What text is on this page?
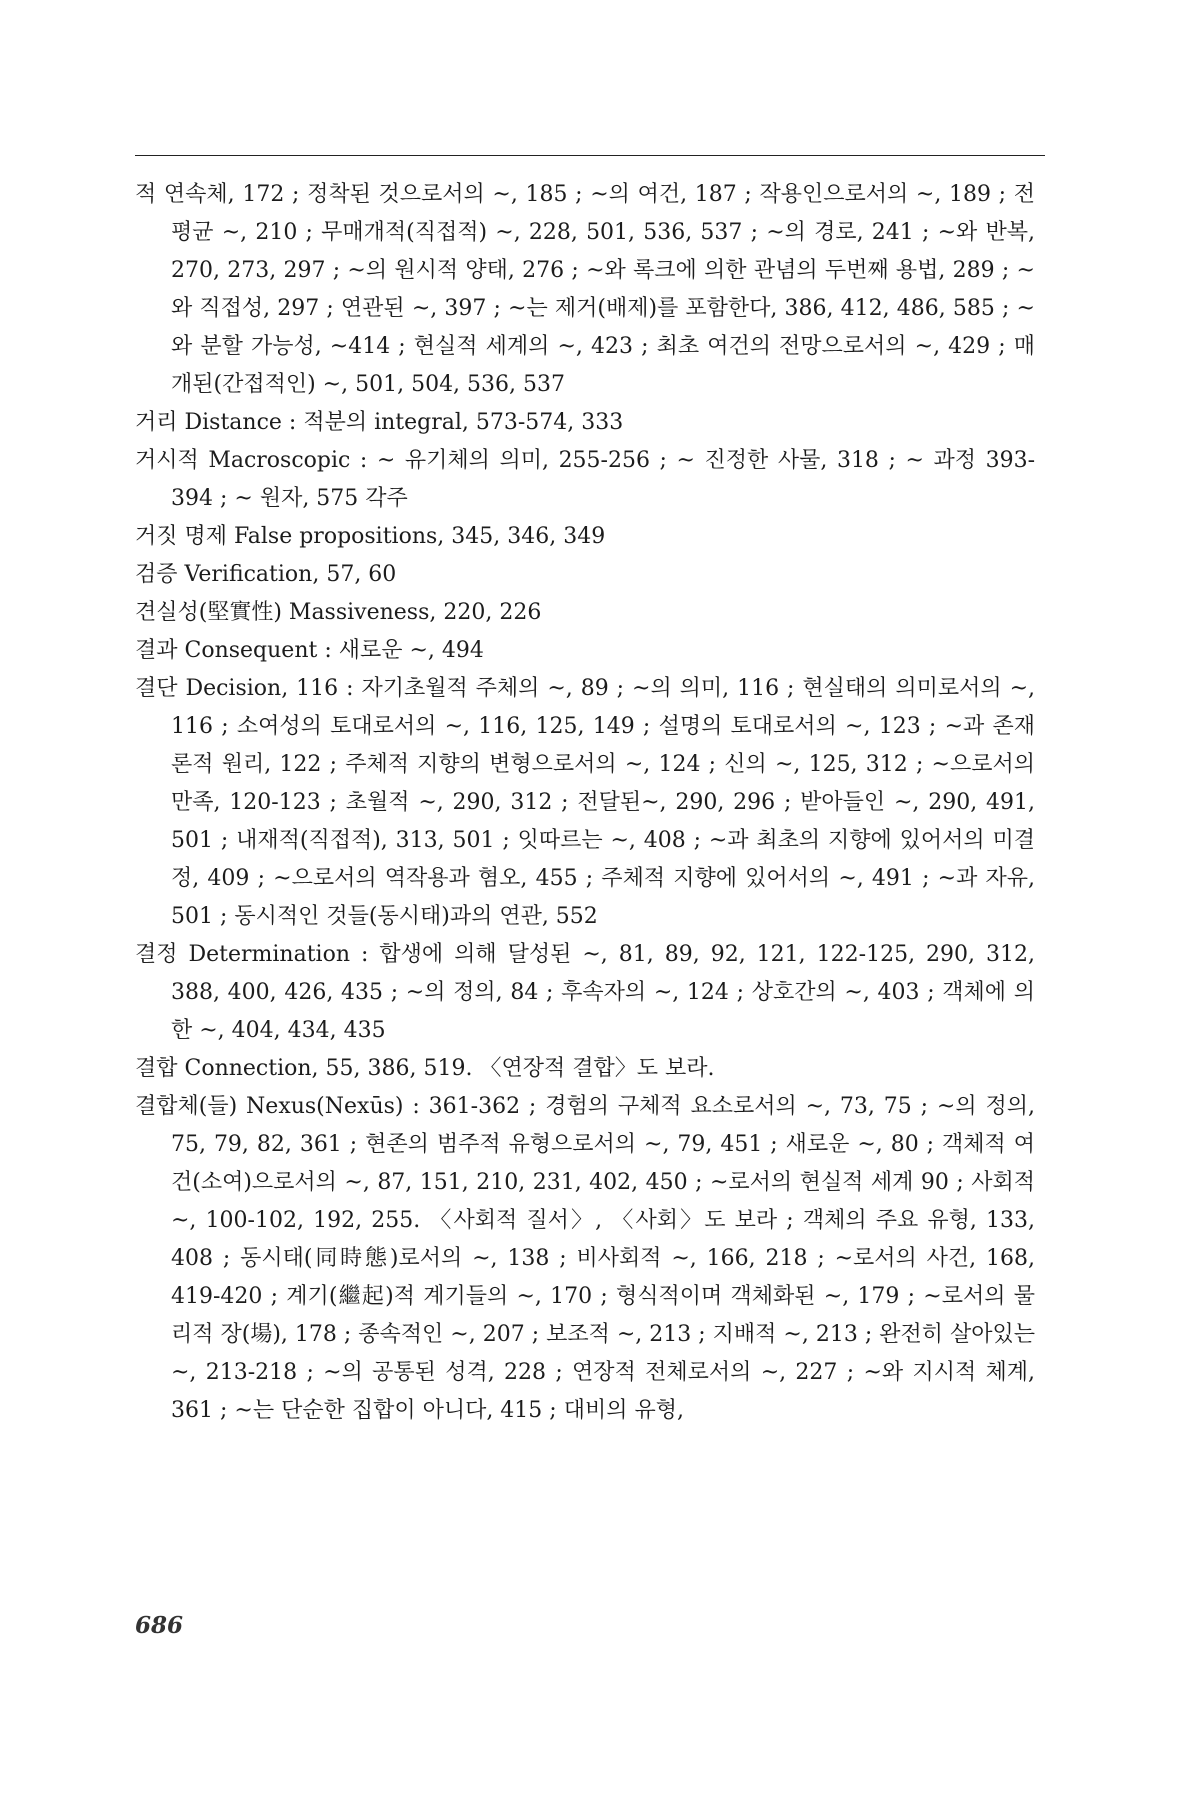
적 연속체, 172 ; 정착된 것으로서의 ~, 185 ; ~의 여건, 187 ; 작용인으로서의 ~, 189 ; 전평균 ~, 210 ; 무매개적(직접적) ~, 228, 501, 536, 537 ; ~의 경로, 241 ; ~와 반복, 270, 273, 297 ; ~의 원시적 양태, 276 ; ~와 록크에 의한 관념의 두번째 용법, 289 ; ~와 직접성, 297 ; 연관된 ~, 397 ; ~는 제거(배제)를 포함한다, 386, 412, 486, 585 ; ~와 분할 가능성, ~414 ; 현실적 세계의 ~, 423 ; 최초 여건의 전망으로서의 ~, 429 ; 매개된(간접적인) ~, 501, 504, 536, 537

거리 Distance : 적분의 integral, 573-574, 333

거시적 Macroscopic : ~ 유기체의 의미, 255-256 ; ~ 진정한 사물, 318 ; ~ 과정 393-394 ; ~ 원자, 575 각주

거짓 명제 False propositions, 345, 346, 349

검증 Verification, 57, 60

견실성(堅實性) Massiveness, 220, 226

결과 Consequent : 새로운 ~, 494

결단 Decision, 116 : 자기초월적 주체의 ~, 89 ; ~의 의미, 116 ; 현실태의 의미로서의 ~, 116 ; 소여성의 토대로서의 ~, 116, 125, 149 ; 설명의 토대로서의 ~, 123 ; ~과 존재론적 원리, 122 ; 주체적 지향의 변형으로서의 ~, 124 ; 신의 ~, 125, 312 ; ~으로서의 만족, 120-123 ; 초월적 ~, 290, 312 ; 전달된~, 290, 296 ; 받아들인 ~, 290, 491, 501 ; 내재적(직접적), 313, 501 ; 잇따르는 ~, 408 ; ~과 최초의 지향에 있어서의 미결정, 409 ; ~으로서의 역작용과 혐오, 455 ; 주체적 지향에 있어서의 ~, 491 ; ~과 자유, 501 ; 동시적인 것들(동시태)과의 연관, 552

결정 Determination : 합생에 의해 달성된 ~, 81, 89, 92, 121, 122-125, 290, 312, 388, 400, 426, 435 ; ~의 정의, 84 ; 후속자의 ~, 124 ; 상호간의 ~, 403 ; 객체에 의한 ~, 404, 434, 435

결합 Connection, 55, 386, 519. 〈연장적 결합〉도 보라.

결합체(들) Nexus(Nexūs) : 361-362 ; 경험의 구체적 요소로서의 ~, 73, 75 ; ~의 정의, 75, 79, 82, 361 ; 현존의 범주적 유형으로서의 ~, 79, 451 ; 새로운 ~, 80 ; 객체적 여건(소여)으로서의 ~, 87, 151, 210, 231, 402, 450 ; ~로서의 현실적 세계 90 ; 사회적 ~, 100-102, 192, 255. 〈사회적 질서〉, 〈사회〉도 보라 ; 객체의 주요 유형, 133, 408 ; 동시태(同時態)로서의 ~, 138 ; 비사회적 ~, 166, 218 ; ~로서의 사건, 168, 419-420 ; 계기(繼起)적 계기들의 ~, 170 ; 형식적이며 객체화된 ~, 179 ; ~로서의 물리적 장(場), 178 ; 종속적인 ~, 207 ; 보조적 ~, 213 ; 지배적 ~, 213 ; 완전히 살아있는 ~, 213-218 ; ~의 공통된 성격, 228 ; 연장적 전체로서의 ~, 227 ; ~와 지시적 체계, 361 ; ~는 단순한 집합이 아니다, 415 ; 대비의 유형,

686
